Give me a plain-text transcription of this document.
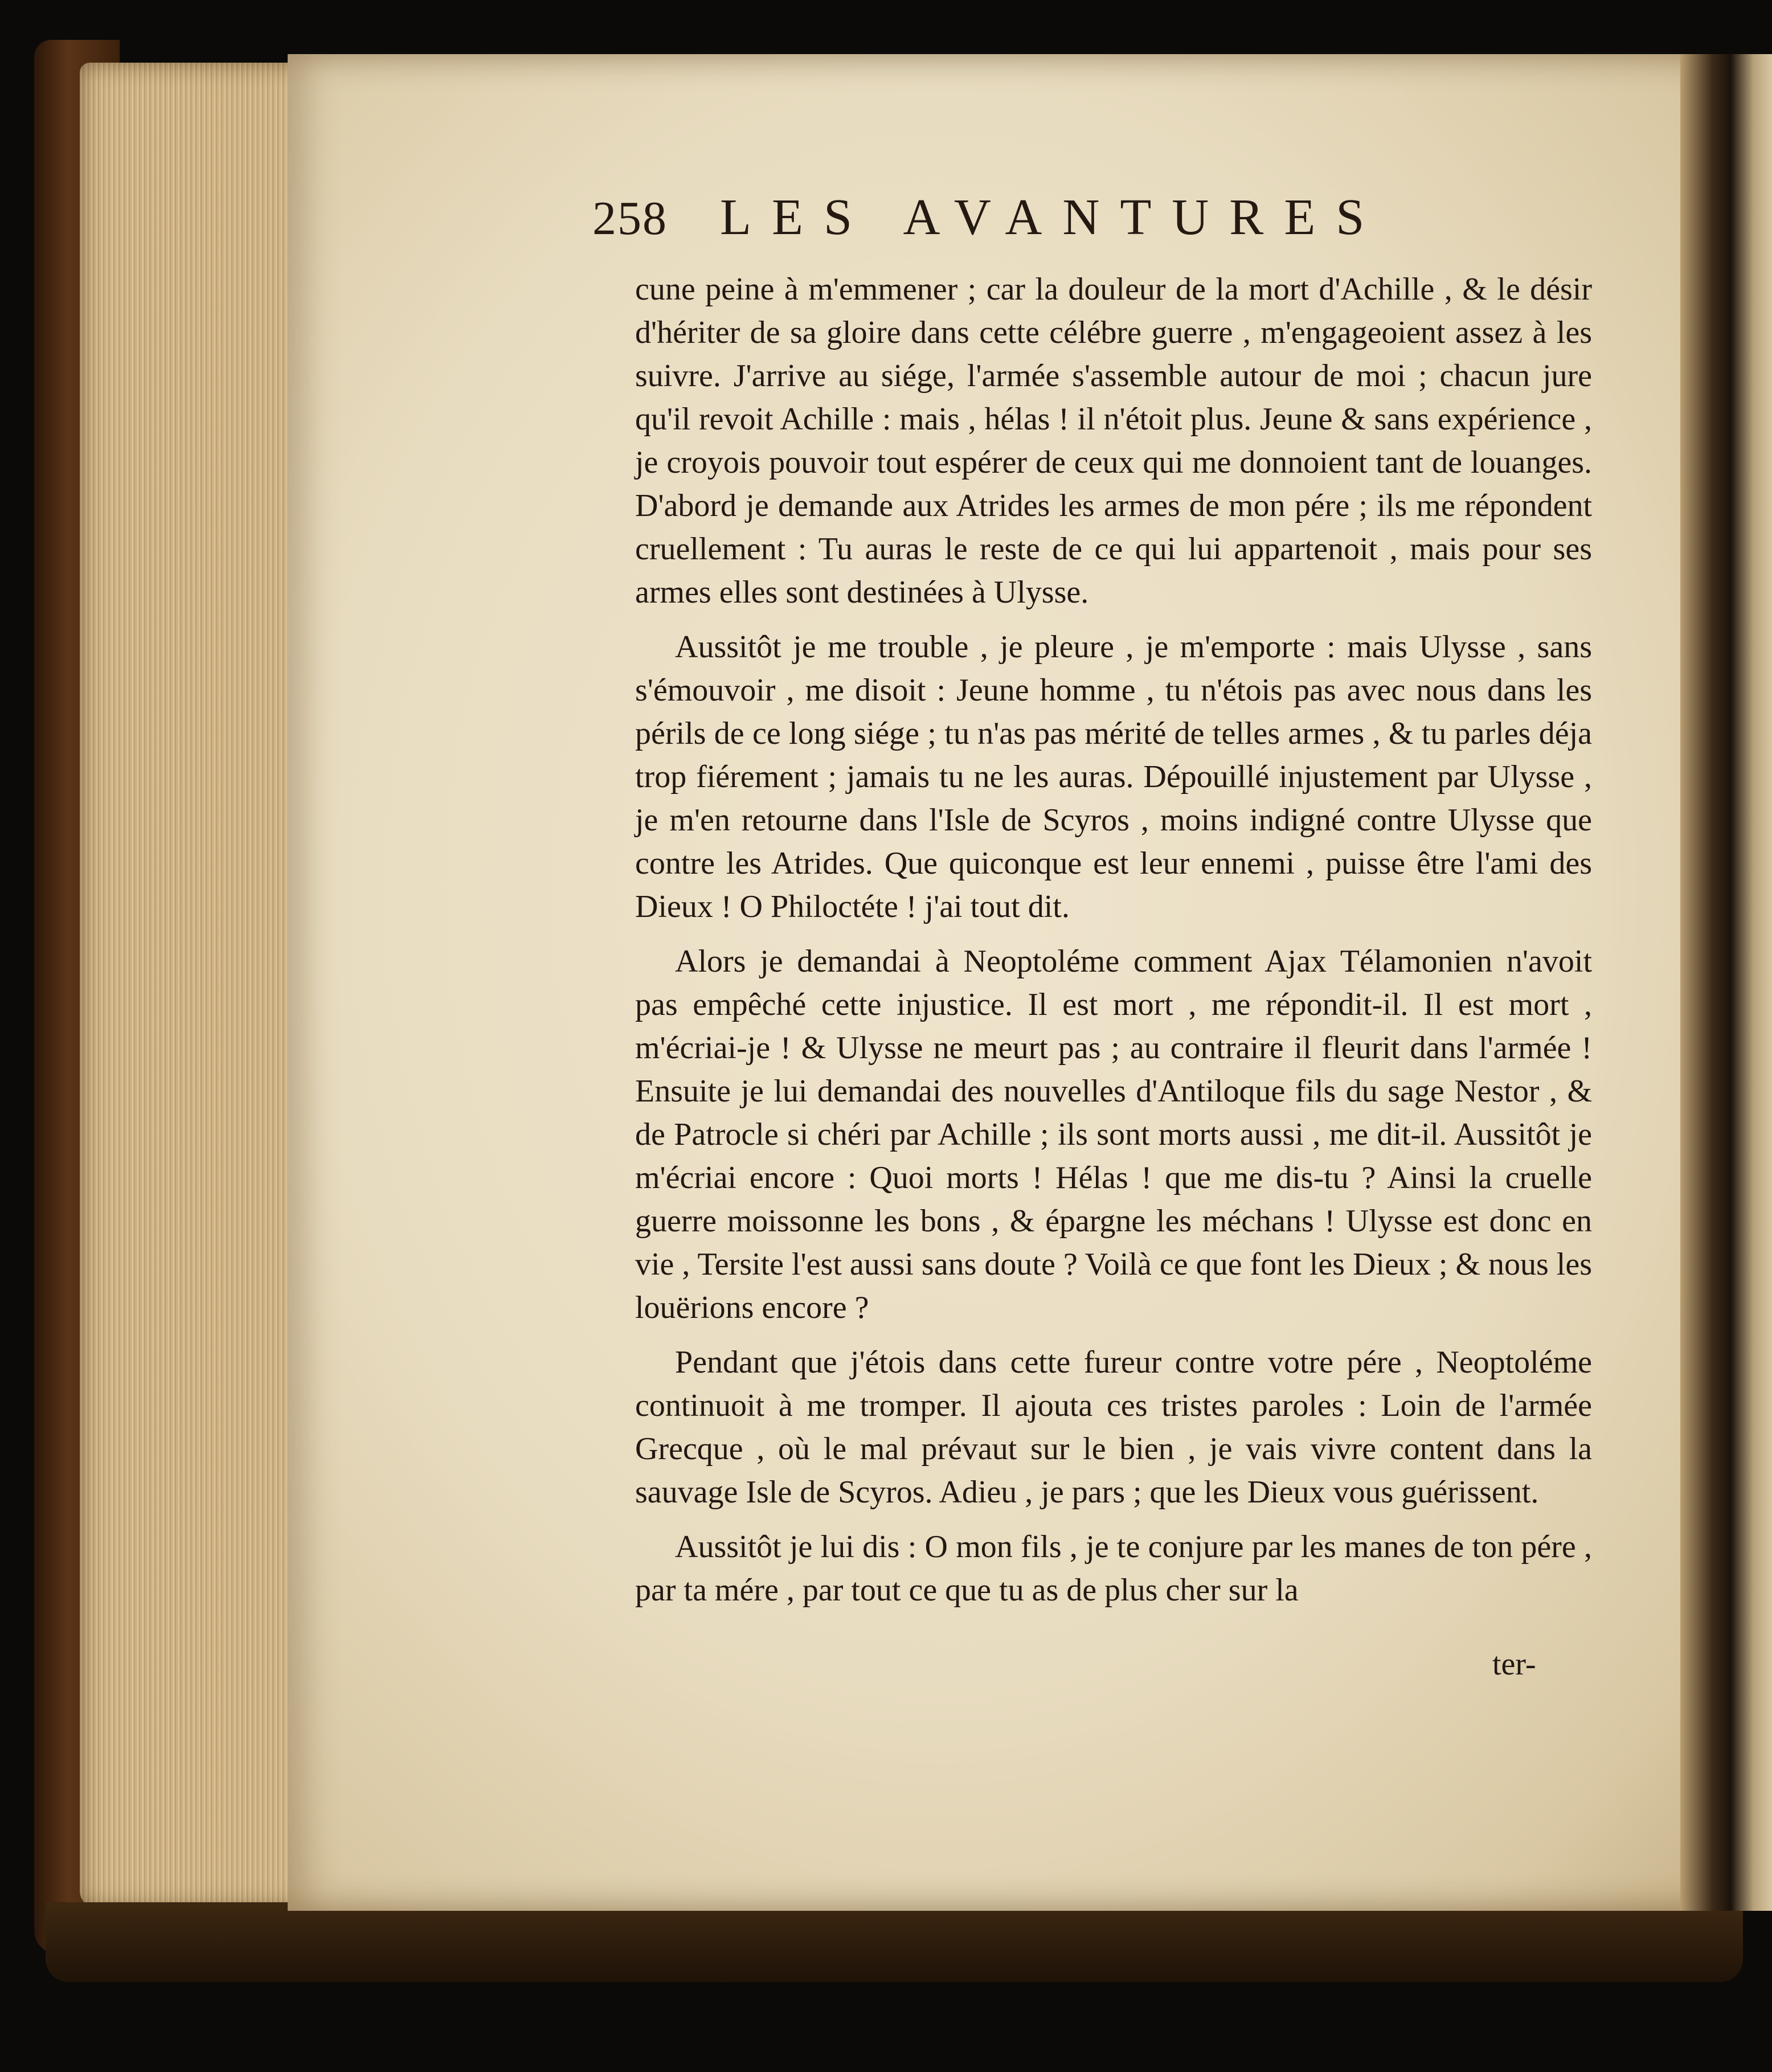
258 LES AVANTURES

cune peine à m'emmener ; car la douleur de la mort d'Achille , & le désir d'hériter de sa gloire dans cette célébre guerre , m'engageoient assez à les suivre. J'arrive au siége, l'armée s'assemble autour de moi ; chacun jure qu'il revoit Achille : mais , hélas ! il n'étoit plus. Jeune & sans expérience , je croyois pouvoir tout espérer de ceux qui me donnoient tant de louanges. D'abord je demande aux Atrides les armes de mon pére ; ils me répondent cruellement : Tu auras le reste de ce qui lui appartenoit , mais pour ses armes elles sont destinées à Ulysse.

Aussitôt je me trouble , je pleure , je m'emporte : mais Ulysse , sans s'émouvoir , me disoit : Jeune homme , tu n'étois pas avec nous dans les périls de ce long siége ; tu n'as pas mérité de telles armes , & tu parles déja trop fiérement ; jamais tu ne les auras. Dépouillé injustement par Ulysse , je m'en retourne dans l'Isle de Scyros , moins indigné contre Ulysse que contre les Atrides. Que quiconque est leur ennemi , puisse être l'ami des Dieux ! O Philoctéte ! j'ai tout dit.

Alors je demandai à Neoptoléme comment Ajax Télamonien n'avoit pas empêché cette injustice. Il est mort , me répondit-il. Il est mort , m'écriai-je ! & Ulysse ne meurt pas ; au contraire il fleurit dans l'armée ! Ensuite je lui demandai des nouvelles d'Antiloque fils du sage Nestor , & de Patrocle si chéri par Achille ; ils sont morts aussi , me dit-il. Aussitôt je m'écriai encore : Quoi morts ! Hélas ! que me dis-tu ? Ainsi la cruelle guerre moissonne les bons , & épargne les méchans ! Ulysse est donc en vie , Tersite l'est aussi sans doute ? Voilà ce que font les Dieux ; & nous les louërions encore ?

Pendant que j'étois dans cette fureur contre votre pére , Neoptoléme continuoit à me tromper. Il ajouta ces tristes paroles : Loin de l'armée Grecque , où le mal prévaut sur le bien , je vais vivre content dans la sauvage Isle de Scyros. Adieu , je pars ; que les Dieux vous guérissent.

Aussitôt je lui dis : O mon fils , je te conjure par les manes de ton pére , par ta mére , par tout ce que tu as de plus cher sur la

ter-
